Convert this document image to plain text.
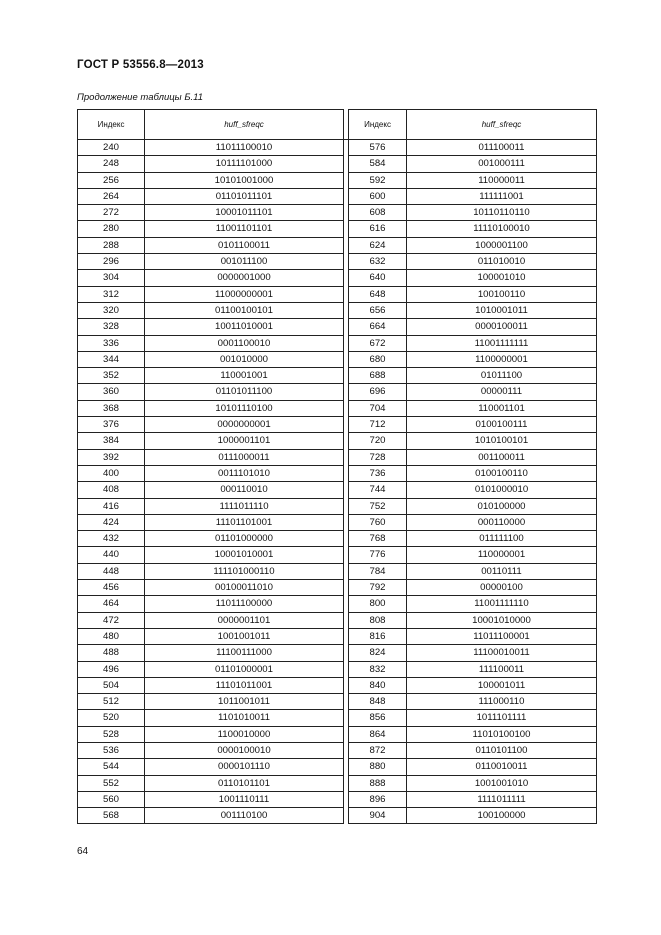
ГОСТ Р 53556.8—2013
Продолжение таблицы Б.11
Индекс	huff_sfreqc		Индекс	huff_sfreqc
240	11011100010		576	011100011
248	10111101000		584	001000111
256	10101001000		592	110000011
264	01101011101		600	111111001
272	10001011101		608	10110110110
280	11001101101		616	11110100010
288	0101100011		624	1000001100
296	001011100		632	011010010
304	0000001000		640	100001010
312	11000000001		648	100100110
320	01100100101		656	1010001011
328	10011010001		664	0000100011
336	0001100010		672	11001111111
344	001010000		680	1100000001
352	110001001		688	01011100
360	01101011100		696	00000111
368	10101110100		704	110001101
376	0000000001		712	0100100111
384	1000001101		720	1010100101
392	0111000011		728	001100011
400	0011101010		736	0100100110
408	000110010		744	0101000010
416	1111011110		752	010100000
424	11101101001		760	000110000
432	01101000000		768	011111100
440	10001010001		776	110000001
448	111101000110		784	00110111
456	00100011010		792	00000100
464	11011100000		800	11001111110
472	0000001101		808	10001010000
480	1001001011		816	11011100001
488	11100111000		824	11100010011
496	01101000001		832	111100011
504	11101011001		840	100001011
512	1011001011		848	111000110
520	1101010011		856	1011101111
528	1100010000		864	11010100100
536	0000100010		872	0110101100
544	0000101110		880	0110010011
552	0110101101		888	1001001010
560	1001110111		896	1111011111
568	001110100		904	100100000
64
